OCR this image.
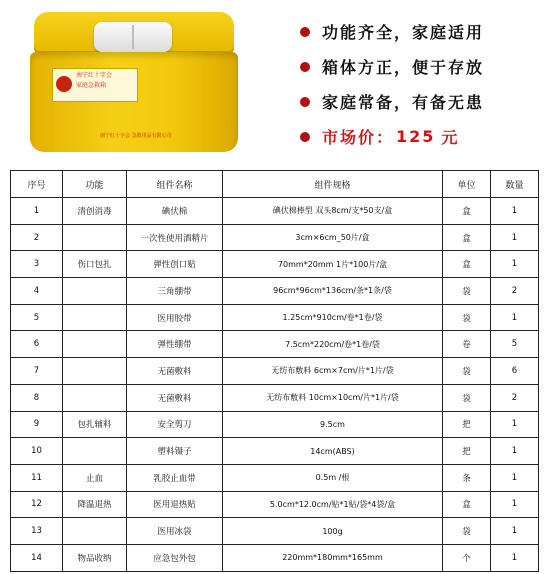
南宁红十字会
家庭急救箱
南宁红十字会 急救用品有限公司
功能齐全，家庭适用
箱体方正，便于存放
家庭常备，有备无患
市场价： 125 元
序号	功能	组件名称	组件规格	单位	数量
1	清创消毒	碘伏棉	碘伏棉棒型 双头8cm/支*50支/盒	盒	1
2		一次性使用酒精片	3cm×6cm_50片/盒	盒	1
3	伤口包扎	弹性创口贴	70mm*20mm 1片*100片/盒	盒	1
4		三角绷带	96cm*96cm*136cm/条*1条/袋	袋	2
5		医用胶带	1.25cm*910cm/卷*1卷/袋	袋	1
6		弹性绷带	7.5cm*220cm/卷*1卷/袋	卷	5
7		无菌敷料	无纺布敷料 6cm×7cm/片*1片/袋	袋	6
8		无菌敷料	无纺布敷料 10cm×10cm/片*1片/袋	袋	2
9	包扎辅料	安全剪刀	9.5cm	把	1
10		塑料镊子	14cm(ABS)	把	1
11	止血	乳胶止血带	0.5m /根	条	1
12	降温退热	医用退热贴	5.0cm*12.0cm/贴*1贴/袋*4袋/盒	盒	1
13		医用冰袋	100g	袋	1
14	物品收纳	应急包外包	220mm*180mm*165mm	个	1
